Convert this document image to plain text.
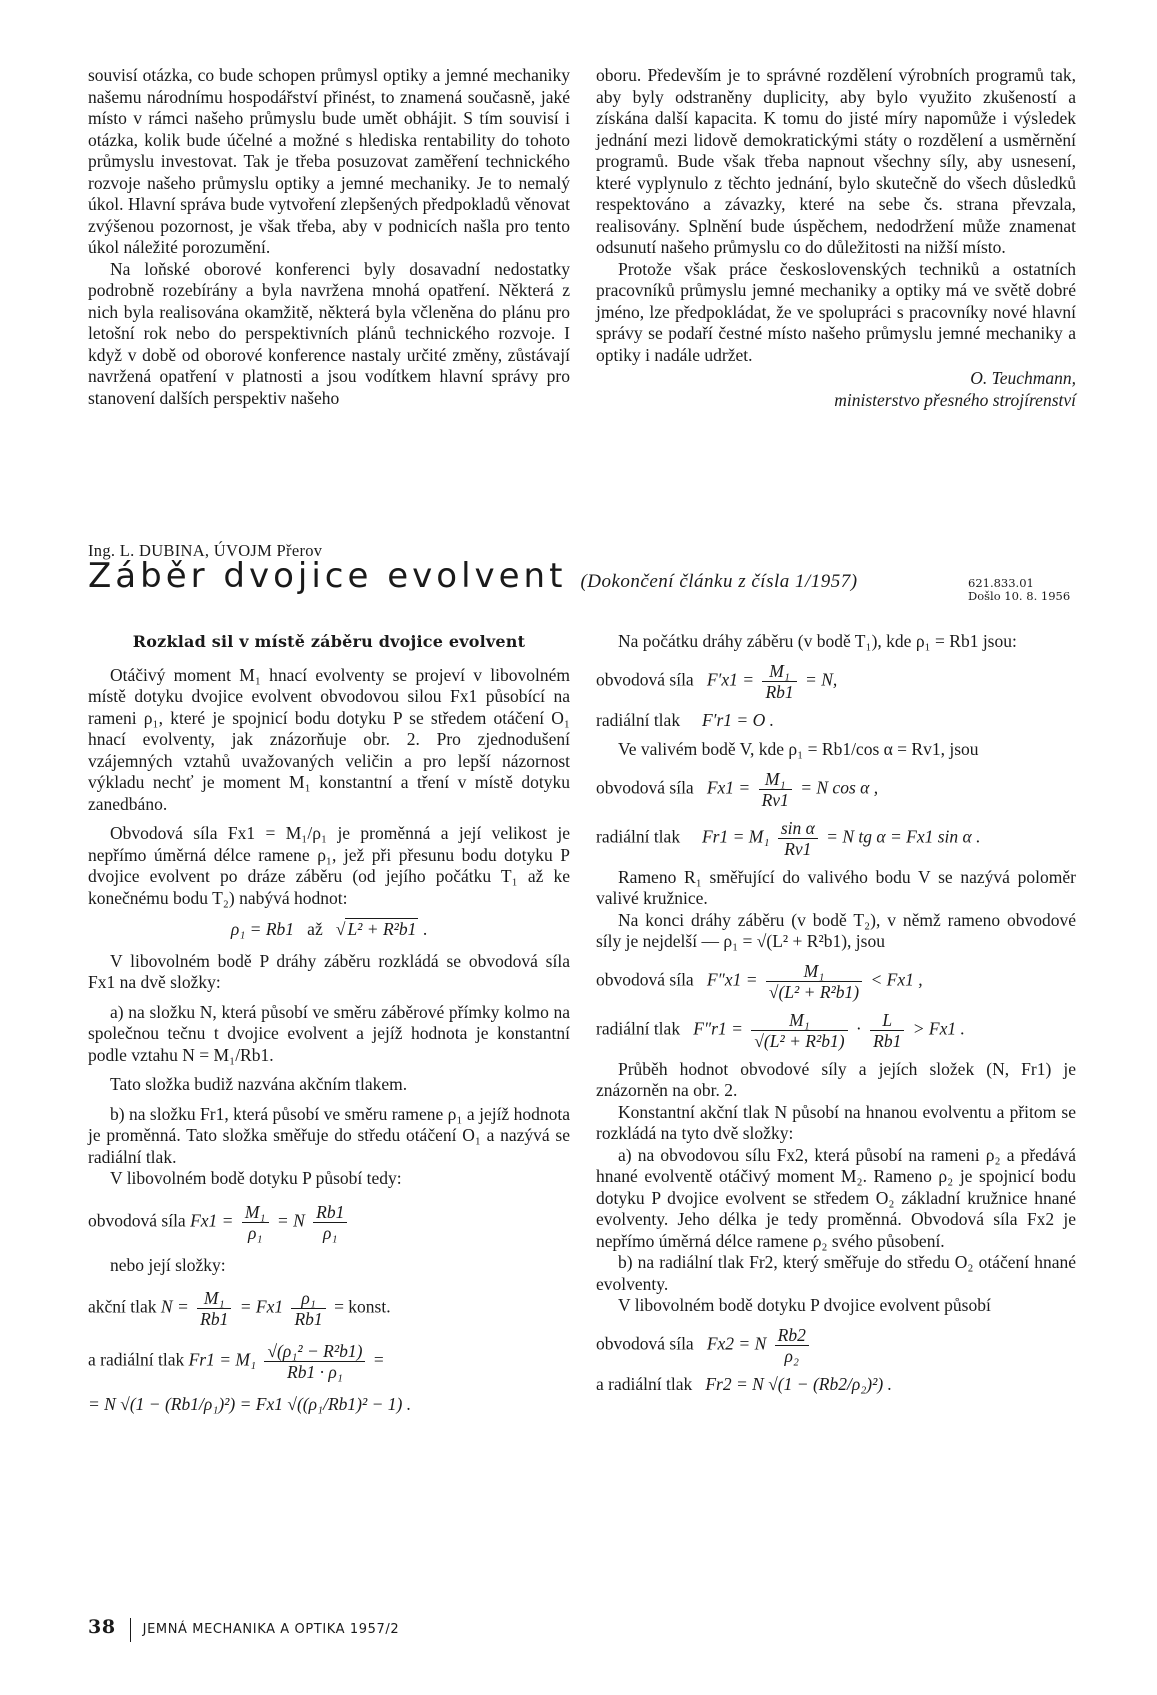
souvisí otázka, co bude schopen průmysl optiky a jemné mechaniky našemu národnímu hospodářství přinést, to znamená současně, jaké místo v rámci našeho průmyslu bude umět obhájit. S tím souvisí i otázka, kolik bude účelné a možné s hlediska rentability do tohoto průmyslu investovat. Tak je třeba posuzovat zaměření technického rozvoje našeho průmyslu optiky a jemné mechaniky. Je to nemalý úkol. Hlavní správa bude vytvoření zlepšených předpokladů věnovat zvýšenou pozornost, je však třeba, aby v podnicích našla pro tento úkol náležité porozumění.

Na loňské oborové konferenci byly dosavadní nedostatky podrobně rozebírány a byla navržena mnohá opatření. Některá z nich byla realisována okamžitě, některá byla včleněna do plánu pro letošní rok nebo do perspektivních plánů technického rozvoje. I když v době od oborové konference nastaly určité změny, zůstávají navržená opatření v platnosti a jsou vodítkem hlavní správy pro stanovení dalších perspektiv našeho

oboru. Především je to správné rozdělení výrobních programů tak, aby byly odstraněny duplicity, aby bylo využito zkušeností a získána další kapacita. K tomu do jisté míry napomůže i výsledek jednání mezi lidově demokratickými státy o rozdělení a usměrnění programů. Bude však třeba napnout všechny síly, aby usnesení, které vyplynulo z těchto jednání, bylo skutečně do všech důsledků respektováno a závazky, které na sebe čs. strana převzala, realisovány. Splnění bude úspěchem, nedodržení může znamenat odsunutí našeho průmyslu co do důležitosti na nižší místo.

Protože však práce československých techniků a ostatních pracovníků průmyslu jemné mechaniky a optiky má ve světě dobré jméno, lze předpokládat, že ve spolupráci s pracovníky nové hlavní správy se podaří čestné místo našeho průmyslu jemné mechaniky a optiky i nadále udržet.

O. Teuchmann,

ministerstvo přesného strojírenství

Ing. L. DUBINA, ÚVOJM Přerov
Záběr dvojice evolvent (Dokončení článku z čísla 1/1957)	621.833.01
Došlo 10. 8. 1956
Rozklad sil v místě záběru dvojice evolvent

Otáčivý moment M₁ hnací evolventy se projeví v libovolném místě dotyku dvojice evolvent obvodovou silou Fx1 působící na rameni ρ₁, které je spojnicí bodu dotyku P se středem otáčení O₁ hnací evolventy, jak znázorňuje obr. 2. Pro zjednodušení vzájemných vztahů uvažovaných veličin a pro lepší názornost výkladu nechť je moment M₁ konstantní a tření v místě dotyku zanedbáno.

Obvodová síla Fx1 = M₁/ρ₁ je proměnná a její velikost je nepřímo úměrná délce ramene ρ₁, jež při přesunu bodu dotyku P dvojice evolvent po dráze záběru (od jejího počátku T₁ až ke konečnému bodu T₂) nabývá hodnot:

ρ₁ = Rb1 až   √ L² + R²b1 .

V libovolném bodě P dráhy záběru rozkládá se obvodová síla Fx1 na dvě složky:

a) na složku N, která působí ve směru záběrové přímky kolmo na společnou tečnu t dvojice evolvent a jejíž hodnota je konstantní podle vztahu N = M₁/Rb1.

Tato složka budiž nazvána akčním tlakem.

b) na složku Fr1, která působí ve směru ramene ρ₁ a jejíž hodnota je proměnná. Tato složka směřuje do středu otáčení O₁ a nazývá se radiální tlak.

V libovolném bodě dotyku P působí tedy:

obvodová síla $Fx1 = \frac{\text{M₁}}{\text{ρ₁}} = N \frac{Rb1}{\text{ρ₁}}$

nebo její složky:

akční tlak $N = \frac{\text{M₁}}{Rb1} = Fx1 \frac{\text{ρ₁}}{Rb1}$ = konst.
a radiální tlak $Fr1 = M_1 \frac{\text{√(ρ₁² − R²b1)}}{\text{Rb1 · ρ₁}}$ =
= N √(1 − (Rb1/ρ₁)²) = Fx1 √((ρ₁/Rb1)² − 1) .

Na počátku dráhy záběru (v bodě T₁), kde ρ₁ = Rb1 jsou:

obvodová síla $F'x1 = \frac{\text{M₁}}{Rb1} = N$,
radiální tlak F′r1 = O .

Ve valivém bodě V, kde ρ₁ = Rb1/cos α = Rv1, jsou

obvodová síla $Fx1 = \frac{\text{M₁}}{Rv1} = N$ cos α ,
radiální tlak $Fr1 = M_1 \frac{\text{sin α}}{Rv1} = N$ tg α = Fx1 sin α .

Rameno R₁ směřující do valivého bodu V se nazývá poloměr valivé kružnice.

Na konci dráhy záběru (v bodě T₂), v němž rameno obvodové síly je nejdelší — ρ₁ = √(L² + R²b1), jsou

obvodová síla $F''x1 = \frac{\text{M₁}}{\text{√(L² + R²b1)}} < Fx1$ ,
radiální tlak $F''r1 = \frac{\text{M₁}}{\text{√(L² + R²b1)}} \cdot \frac{L}{Rb1} > Fx1$ .

Průběh hodnot obvodové síly a jejích složek (N, Fr1) je znázorněn na obr. 2.

Konstantní akční tlak N působí na hnanou evolventu a přitom se rozkládá na tyto dvě složky:

a) na obvodovou sílu Fx2, která působí na rameni ρ₂ a předává hnané evolventě otáčivý moment M₂. Rameno ρ₂ je spojnicí bodu dotyku P dvojice evolvent se středem O₂ základní kružnice hnané evolventy. Jeho délka je tedy proměnná. Obvodová síla Fx2 je nepřímo úměrná délce ramene ρ₂ svého působení.

b) na radiální tlak Fr2, který směřuje do středu O₂ otáčení hnané evolventy.

V libovolném bodě dotyku P dvojice evolvent působí

obvodová síla Fx2 = N $\frac{Rb2}{\text{ρ₂}}$
a radiální tlak Fr2 = N √(1 − (Rb2/ρ₂)²) .
38 JEMNÁ MECHANIKA A OPTIKA 1957/2
